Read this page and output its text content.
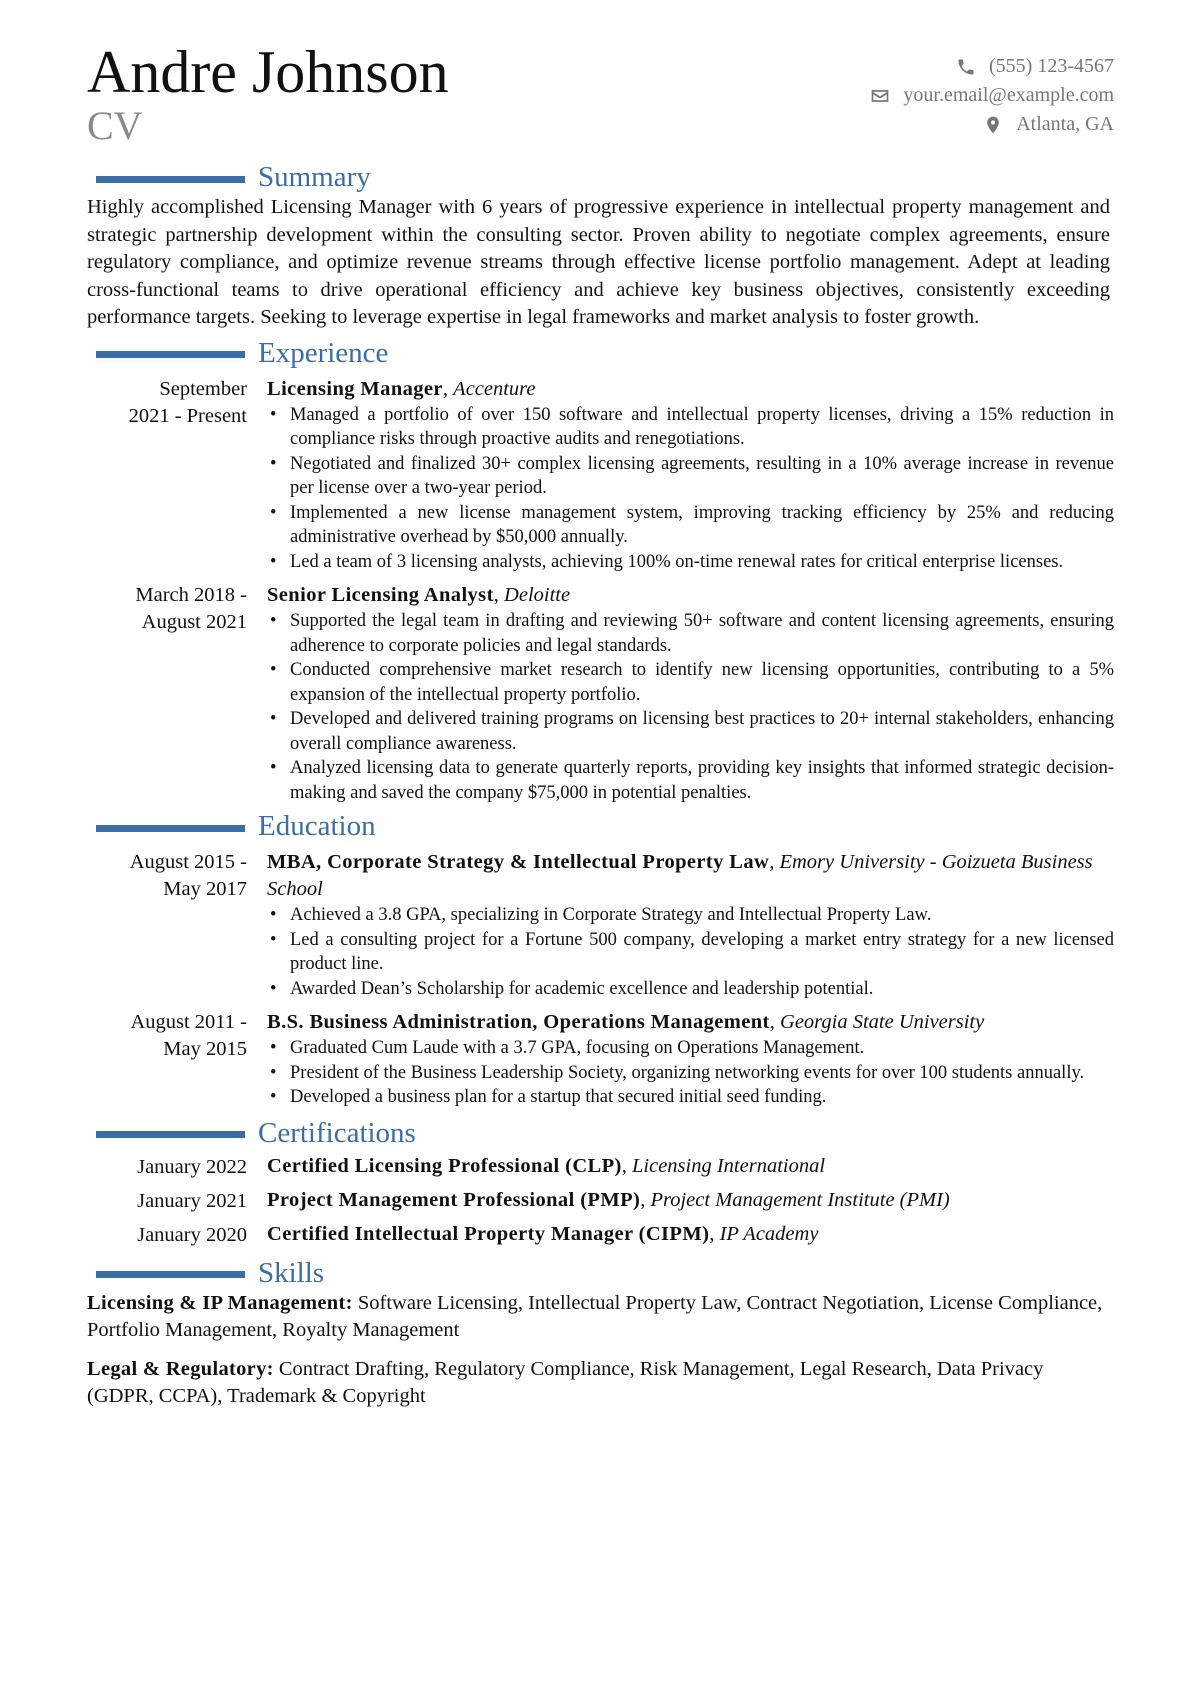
Andre Johnson
CV
(555) 123-4567
your.email@example.com
Atlanta, GA
Summary

Highly accomplished Licensing Manager with 6 years of progressive experience in intellectual property management and strategic partnership development within the consulting sector. Proven ability to negotiate complex agreements, ensure regulatory compliance, and optimize revenue streams through effective license portfolio management. Adept at leading cross-functional teams to drive operational efficiency and achieve key business objectives, consistently exceeding performance targets. Seeking to leverage expertise in legal frameworks and market analysis to foster growth.

Experience
September
2021 - Present
Licensing Manager, Accenture
• Managed a portfolio of over 150 software and intellectual property licenses, driving a 15% reduction in compliance risks through proactive audits and renegotiations.
• Negotiated and finalized 30+ complex licensing agreements, resulting in a 10% average increase in revenue per license over a two-year period.
• Implemented a new license management system, improving tracking efficiency by 25% and reducing administrative overhead by $50,000 annually.
• Led a team of 3 licensing analysts, achieving 100% on-time renewal rates for critical enterprise licenses.
March 2018 -
August 2021
Senior Licensing Analyst, Deloitte
• Supported the legal team in drafting and reviewing 50+ software and content licensing agreements, ensuring adherence to corporate policies and legal standards.
• Conducted comprehensive market research to identify new licensing opportunities, contributing to a 5% expansion of the intellectual property portfolio.
• Developed and delivered training programs on licensing best practices to 20+ internal stakeholders, enhancing overall compliance awareness.
• Analyzed licensing data to generate quarterly reports, providing key insights that informed strategic decision-making and saved the company $75,000 in potential penalties.
Education
August 2015 -
May 2017
MBA, Corporate Strategy & Intellectual Property Law, Emory University - Goizueta Business School
• Achieved a 3.8 GPA, specializing in Corporate Strategy and Intellectual Property Law.
• Led a consulting project for a Fortune 500 company, developing a market entry strategy for a new licensed product line.
• Awarded Dean’s Scholarship for academic excellence and leadership potential.
August 2011 -
May 2015
B.S. Business Administration, Operations Management, Georgia State University
• Graduated Cum Laude with a 3.7 GPA, focusing on Operations Management.
• President of the Business Leadership Society, organizing networking events for over 100 students annually.
• Developed a business plan for a startup that secured initial seed funding.
Certifications
January 2022 Certified Licensing Professional (CLP), Licensing International
January 2021 Project Management Professional (PMP), Project Management Institute (PMI)
January 2020 Certified Intellectual Property Manager (CIPM), IP Academy
Skills

Licensing & IP Management: Software Licensing, Intellectual Property Law, Contract Negotiation, License Compliance, Portfolio Management, Royalty Management

Legal & Regulatory: Contract Drafting, Regulatory Compliance, Risk Management, Legal Research, Data Privacy (GDPR, CCPA), Trademark & Copyright
